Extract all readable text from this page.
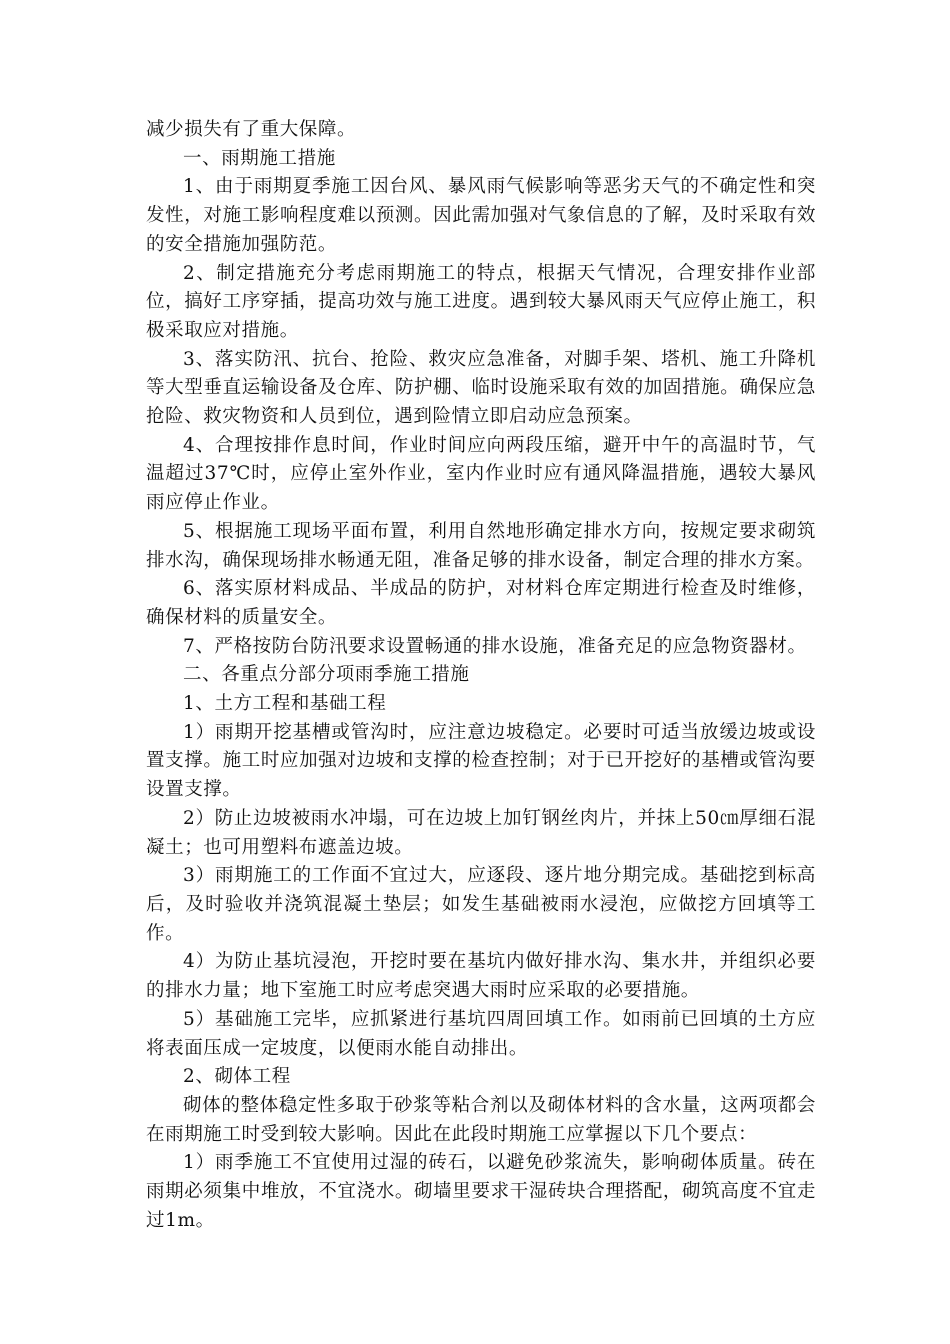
减少损失有了重大保障。

一、雨期施工措施

1、由于雨期夏季施工因台风、暴风雨气候影响等恶劣天气的不确定性和突发性，对施工影响程度难以预测。因此需加强对气象信息的了解，及时采取有效的安全措施加强防范。

2、制定措施充分考虑雨期施工的特点，根据天气情况，合理安排作业部位，搞好工序穿插，提高功效与施工进度。遇到较大暴风雨天气应停止施工，积极采取应对措施。

3、落实防汛、抗台、抢险、救灾应急准备，对脚手架、塔机、施工升降机等大型垂直运输设备及仓库、防护棚、临时设施采取有效的加固措施。确保应急抢险、救灾物资和人员到位，遇到险情立即启动应急预案。

4、合理按排作息时间，作业时间应向两段压缩，避开中午的高温时节，气温超过37℃时，应停止室外作业，室内作业时应有通风降温措施，遇较大暴风雨应停止作业。

5、根据施工现场平面布置，利用自然地形确定排水方向，按规定要求砌筑排水沟，确保现场排水畅通无阻，准备足够的排水设备，制定合理的排水方案。

6、落实原材料成品、半成品的防护，对材料仓库定期进行检查及时维修，确保材料的质量安全。

7、严格按防台防汛要求设置畅通的排水设施，准备充足的应急物资器材。

二、各重点分部分项雨季施工措施

1、土方工程和基础工程

1）雨期开挖基槽或管沟时，应注意边坡稳定。必要时可适当放缓边坡或设置支撑。施工时应加强对边坡和支撑的检查控制；对于已开挖好的基槽或管沟要设置支撑。

2）防止边坡被雨水冲塌，可在边坡上加钉钢丝肉片，并抹上50㎝厚细石混凝土；也可用塑料布遮盖边坡。

3）雨期施工的工作面不宜过大，应逐段、逐片地分期完成。基础挖到标高后，及时验收并浇筑混凝土垫层；如发生基础被雨水浸泡，应做挖方回填等工作。

4）为防止基坑浸泡，开挖时要在基坑内做好排水沟、集水井，并组织必要的排水力量；地下室施工时应考虑突遇大雨时应采取的必要措施。

5）基础施工完毕，应抓紧进行基坑四周回填工作。如雨前已回填的土方应将表面压成一定坡度，以便雨水能自动排出。

2、砌体工程

砌体的整体稳定性多取于砂浆等粘合剂以及砌体材料的含水量，这两项都会在雨期施工时受到较大影响。因此在此段时期施工应掌握以下几个要点：

1）雨季施工不宜使用过湿的砖石，以避免砂浆流失，影响砌体质量。砖在雨期必须集中堆放，不宜浇水。砌墙里要求干湿砖块合理搭配，砌筑高度不宜走过1m。
